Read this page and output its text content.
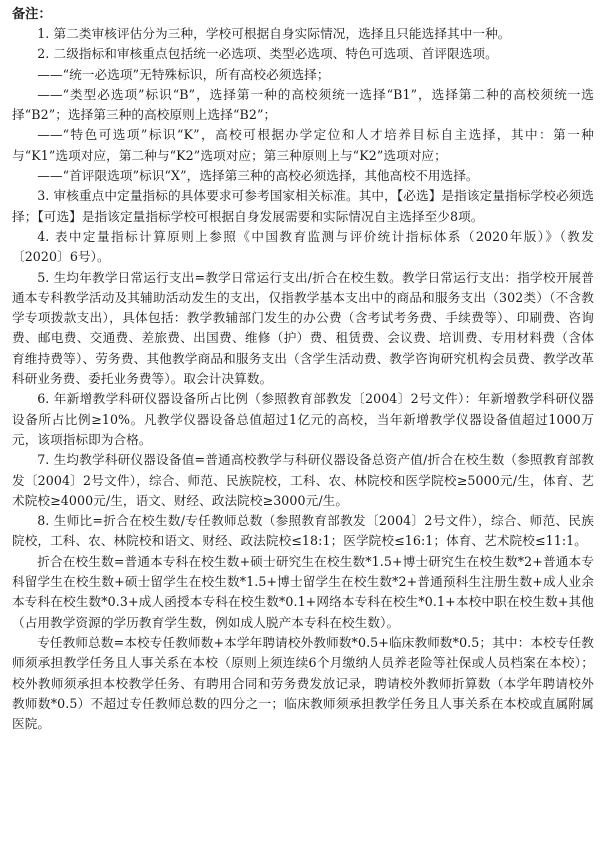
备注：

1. 第二类审核评估分为三种，学校可根据自身实际情况，选择且只能选择其中一种。

2. 二级指标和审核重点包括统一必选项、类型必选项、特色可选项、首评限选项。

——“统一必选项”无特殊标识，所有高校必须选择；

——“类型必选项”标识“B”，选择第一种的高校须统一选择“B1”，选择第二种的高校须统一选择“B2”；选择第三种的高校原则上选择“B2”；

——“特色可选项”标识“K”，高校可根据办学定位和人才培养目标自主选择，其中：第一种与“K1”选项对应，第二种与“K2”选项对应；第三种原则上与“K2”选项对应；

——“首评限选项”标识“X”，选择第三种的高校必须选择，其他高校不用选择。

3. 审核重点中定量指标的具体要求可参考国家相关标准。其中，【必选】是指该定量指标学校必须选择；【可选】是指该定量指标学校可根据自身发展需要和实际情况自主选择至少8项。

4. 表中定量指标计算原则上参照《中国教育监测与评价统计指标体系（2020年版）》（教发〔2020〕6号）。

5. 生均年教学日常运行支出=教学日常运行支出/折合在校生数。教学日常运行支出：指学校开展普通本专科教学活动及其辅助活动发生的支出，仅指教学基本支出中的商品和服务支出（302类）（不含教学专项拨款支出），具体包括：教学教辅部门发生的办公费（含考试考务费、手续费等）、印刷费、咨询费、邮电费、交通费、差旅费、出国费、维修（护）费、租赁费、会议费、培训费、专用材料费（含体育维持费等）、劳务费、其他教学商品和服务支出（含学生活动费、教学咨询研究机构会员费、教学改革科研业务费、委托业务费等）。取会计决算数。

6. 年新增教学科研仪器设备所占比例（参照教育部教发〔2004〕2号文件）：年新增教学科研仪器设备所占比例≥10%。凡教学仪器设备总值超过1亿元的高校，当年新增教学仪器设备值超过1000万元，该项指标即为合格。

7. 生均教学科研仪器设备值=普通高校教学与科研仪器设备总资产值/折合在校生数（参照教育部教发〔2004〕2号文件），综合、师范、民族院校，工科、农、林院校和医学院校≥5000元/生，体育、艺术院校≥4000元/生，语文、财经、政法院校≥3000元/生。

8. 生师比=折合在校生数/专任教师总数（参照教育部教发〔2004〕2号文件），综合、师范、民族院校，工科、农、林院校和语文、财经、政法院校≤18:1；医学院校≤16:1；体育、艺术院校≤11:1。

折合在校生数=普通本专科在校生数+硕士研究生在校生数*1.5+博士研究生在校生数*2+普通本专科留学生在校生数+硕士留学生在校生数*1.5+博士留学生在校生数*2+普通预科生注册生数+成人业余本专科在校生数*0.3+成人函授本专科在校生数*0.1+网络本专科在校生*0.1+本校中职在校生数+其他（占用教学资源的学历教育学生数，例如成人脱产本专科在校生数）。

专任教师总数=本校专任教师数+本学年聘请校外教师数*0.5+临床教师数*0.5；其中：本校专任教师须承担教学任务且人事关系在本校（原则上须连续6个月缴纳人员养老险等社保或人员档案在本校）；校外教师须承担本校教学任务、有聘用合同和劳务费发放记录，聘请校外教师折算数（本学年聘请校外教师数*0.5）不超过专任教师总数的四分之一；临床教师须承担教学任务且人事关系在本校或直属附属医院。
